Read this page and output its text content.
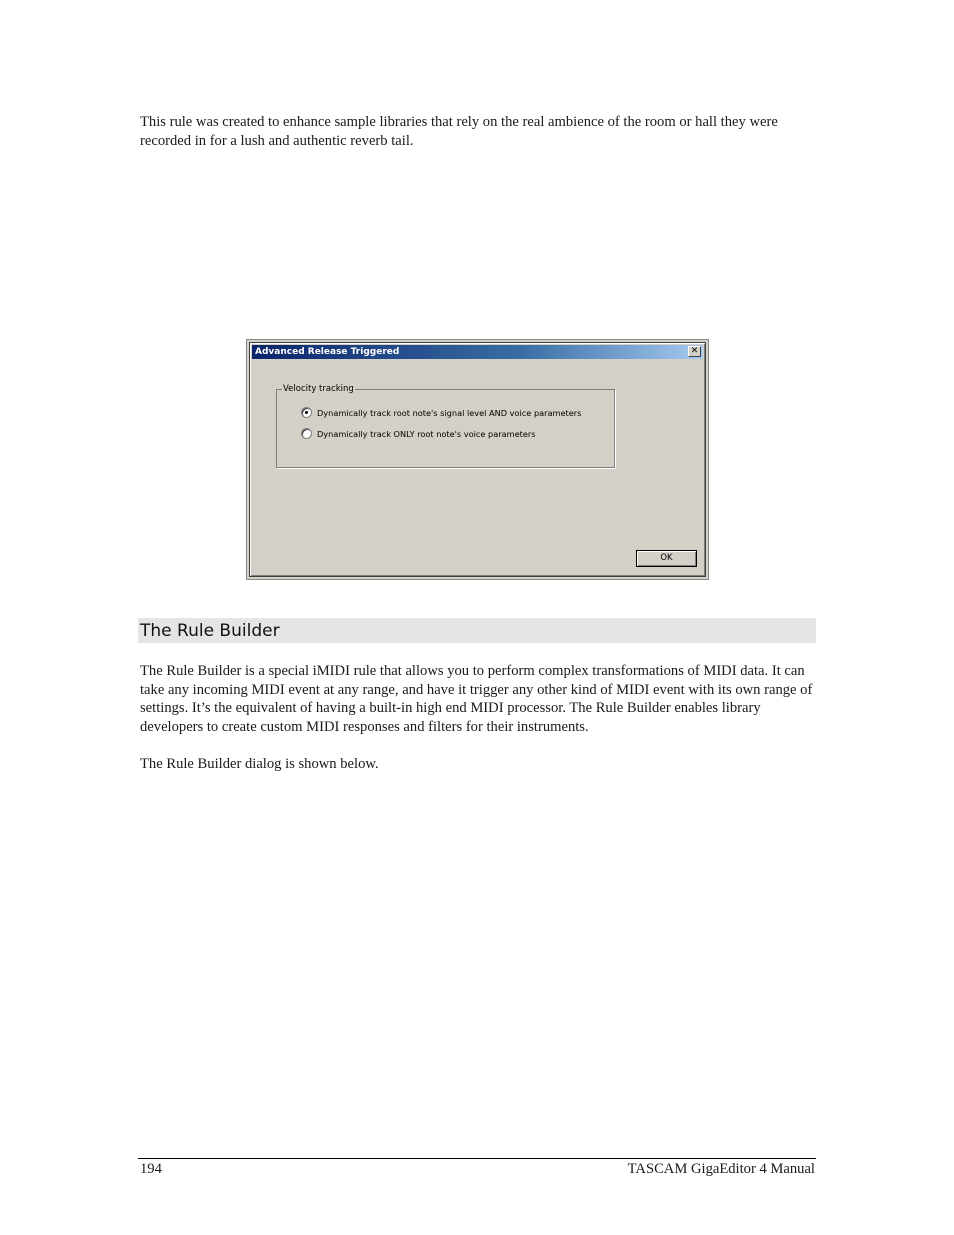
This rule was created to enhance sample libraries that rely on the real ambience of the room or hall they were recorded in for a lush and authentic reverb tail.

Advanced Release Triggered	✕
Velocity tracking
Dynamically track root note's signal level AND voice parameters
Dynamically track ONLY root note's voice parameters
OK
The Rule Builder

The Rule Builder is a special iMIDI rule that allows you to perform complex transformations of MIDI data. It can take any incoming MIDI event at any range, and have it trigger any other kind of MIDI event with its own range of settings. It’s the equivalent of having a built-in high end MIDI processor. The Rule Builder enables library developers to create custom MIDI responses and filters for their instruments.

The Rule Builder dialog is shown below.

194	TASCAM GigaEditor 4 Manual
